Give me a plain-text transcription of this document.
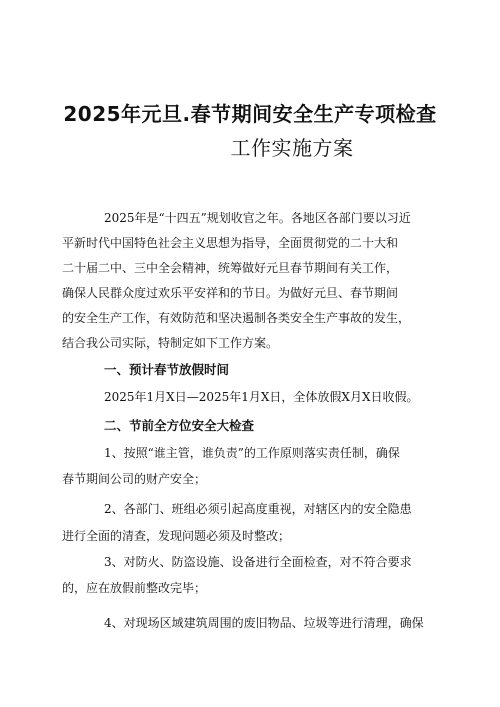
2025年元旦.春节期间安全生产专项检查
工作实施方案
2025年是“十四五”规划收官之年。各地区各部门要以习近
平新时代中国特色社会主义思想为指导，全面贯彻党的二十大和
二十届二中、三中全会精神，统筹做好元旦春节期间有关工作，
确保人民群众度过欢乐平安祥和的节日。为做好元旦、春节期间
的安全生产工作，有效防范和坚决遏制各类安全生产事故的发生，
结合我公司实际，特制定如下工作方案。
一、预计春节放假时间
2025年1月X日—2025年1月X日，全体放假X月X日收假。
二、节前全方位安全大检查
1、按照“谁主管，谁负责”的工作原则落实责任制，确保
春节期间公司的财产安全；
2、各部门、班组必须引起高度重视，对辖区内的安全隐患
进行全面的清查，发现问题必须及时整改；
3、对防火、防盗设施、设备进行全面检查，对不符合要求
的，应在放假前整改完毕；
4、对现场区域建筑周围的废旧物品、垃圾等进行清理，确保
